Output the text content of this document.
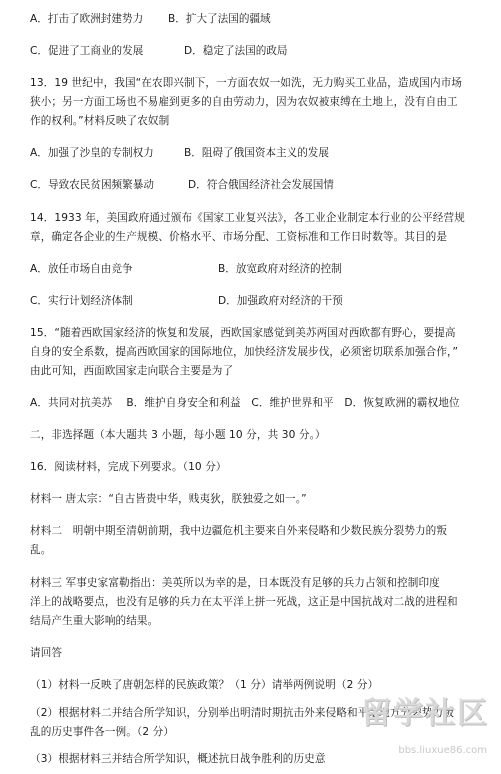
A．打击了欧洲封建势力 B．扩大了法国的疆域
C．促进了工商业的发展	D．稳定了法国的政局
13．19 世纪中，我国“在农即兴制下，一方面农奴一如洗，无力购买工业品，造成国内市场
狭小；另一方面工场也不易雇到更多的自由劳动力，因为农奴被束缚在土地上，没有自由工
作的权利。”材料反映了农奴制
A．加强了沙皇的专制权力	B．阻碍了俄国资本主义的发展
C．导致农民贫困频繁暴动	D．符合俄国经济社会发展国情
14．1933 年，美国政府通过颁布《国家工业复兴法》，各工业企业制定本行业的公平经营规
章，确定各企业的生产规模、价格水平、市场分配、工资标准和工作日时数等。其目的是
A．放任市场自由竞争	B．放宽政府对经济的控制
C．实行计划经济体制	D．加强政府对经济的干预
15．“随着西欧国家经济的恢复和发展，西欧国家感觉到美苏两国对西欧都有野心，要提高
自身的安全系数，提高西欧国家的国际地位，加快经济发展步伐，必须密切联系加强合作，”
由此可知，西面欧国家走向联合主要是为了
A．共同对抗美苏　 B．维护自身安全和利益　C．维护世界和平　D．恢复欧洲的霸权地位
二，非选择题（本大题共 3 小题，每小题 10 分，共 30 分。）
16．阅读材料，完成下列要求。（10 分）
材料一 唐太宗：“自古皆贵中华，贱夷狄，朕独爱之如一。”
材料二　明朝中期至清朝前期，我中边疆危机主要来自外来侵略和少数民族分裂势力的叛
乱。
材料三 军事史家富勒指出：美英所以为幸的是，日本既没有足够的兵力占领和控制印度
洋上的战略要点，也没有足够的兵力在太平洋上拼一死战，这正是中国抗战对二战的进程和
结局产生重大影响的结果。
请回答
（1）材料一反映了唐朝怎样的民族政策？（1 分）请举两例说明（2 分）
（2）根据材料二并结合所学知识，分别举出明清时期抗击外来侵略和平定地方分裂势力叛
乱的历史事件各一例。（2 分）
（3）根据材料三并结合所学知识，概述抗日战争胜利的历史意
留学社区
bbs.liuxue86.com
